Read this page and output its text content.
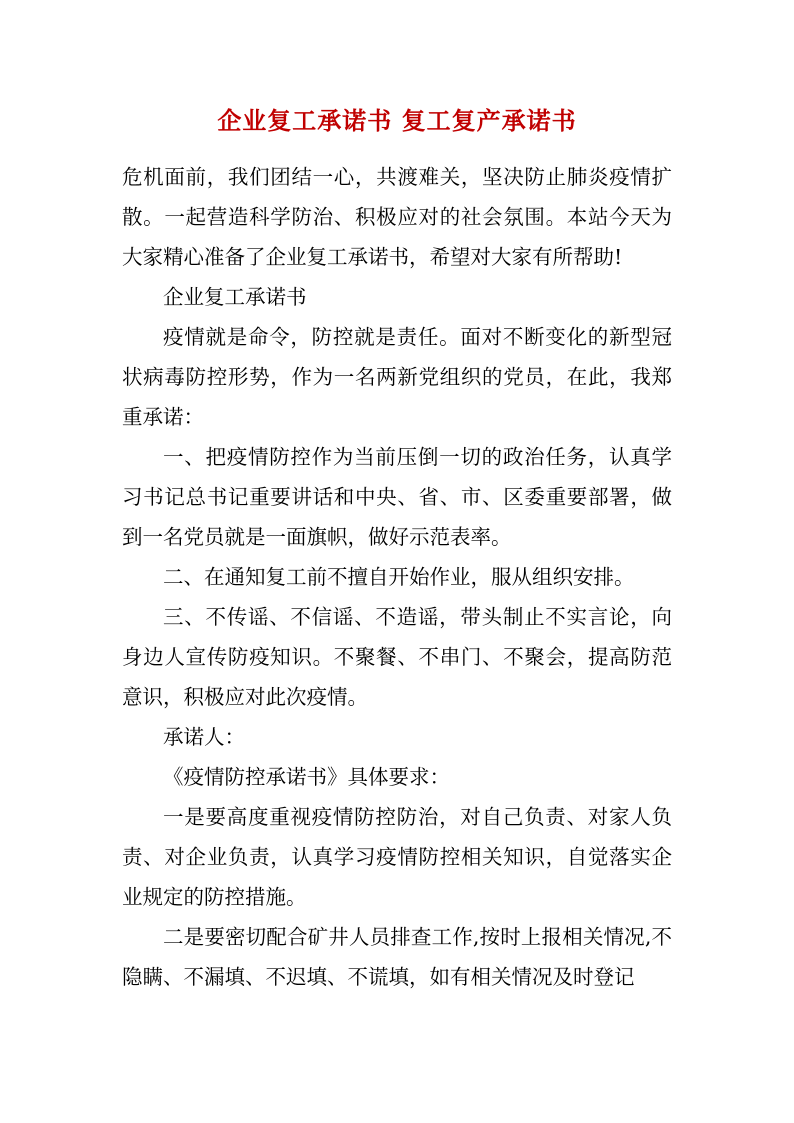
企业复工承诺书 复工复产承诺书

危机面前，我们团结一心，共渡难关，坚决防止肺炎疫情扩散。一起营造科学防治、积极应对的社会氛围。本站今天为大家精心准备了企业复工承诺书，希望对大家有所帮助!

企业复工承诺书

疫情就是命令，防控就是责任。面对不断变化的新型冠状病毒防控形势，作为一名两新党组织的党员，在此，我郑重承诺：

一、把疫情防控作为当前压倒一切的政治任务，认真学习书记总书记重要讲话和中央、省、市、区委重要部署，做到一名党员就是一面旗帜，做好示范表率。

二、在通知复工前不擅自开始作业，服从组织安排。

三、不传谣、不信谣、不造谣，带头制止不实言论，向身边人宣传防疫知识。不聚餐、不串门、不聚会，提高防范意识，积极应对此次疫情。

承诺人：

《疫情防控承诺书》具体要求：

一是要高度重视疫情防控防治，对自己负责、对家人负责、对企业负责，认真学习疫情防控相关知识，自觉落实企业规定的防控措施。

二是要密切配合矿井人员排查工作,按时上报相关情况,不隐瞒、不漏填、不迟填、不谎填，如有相关情况及时登记
